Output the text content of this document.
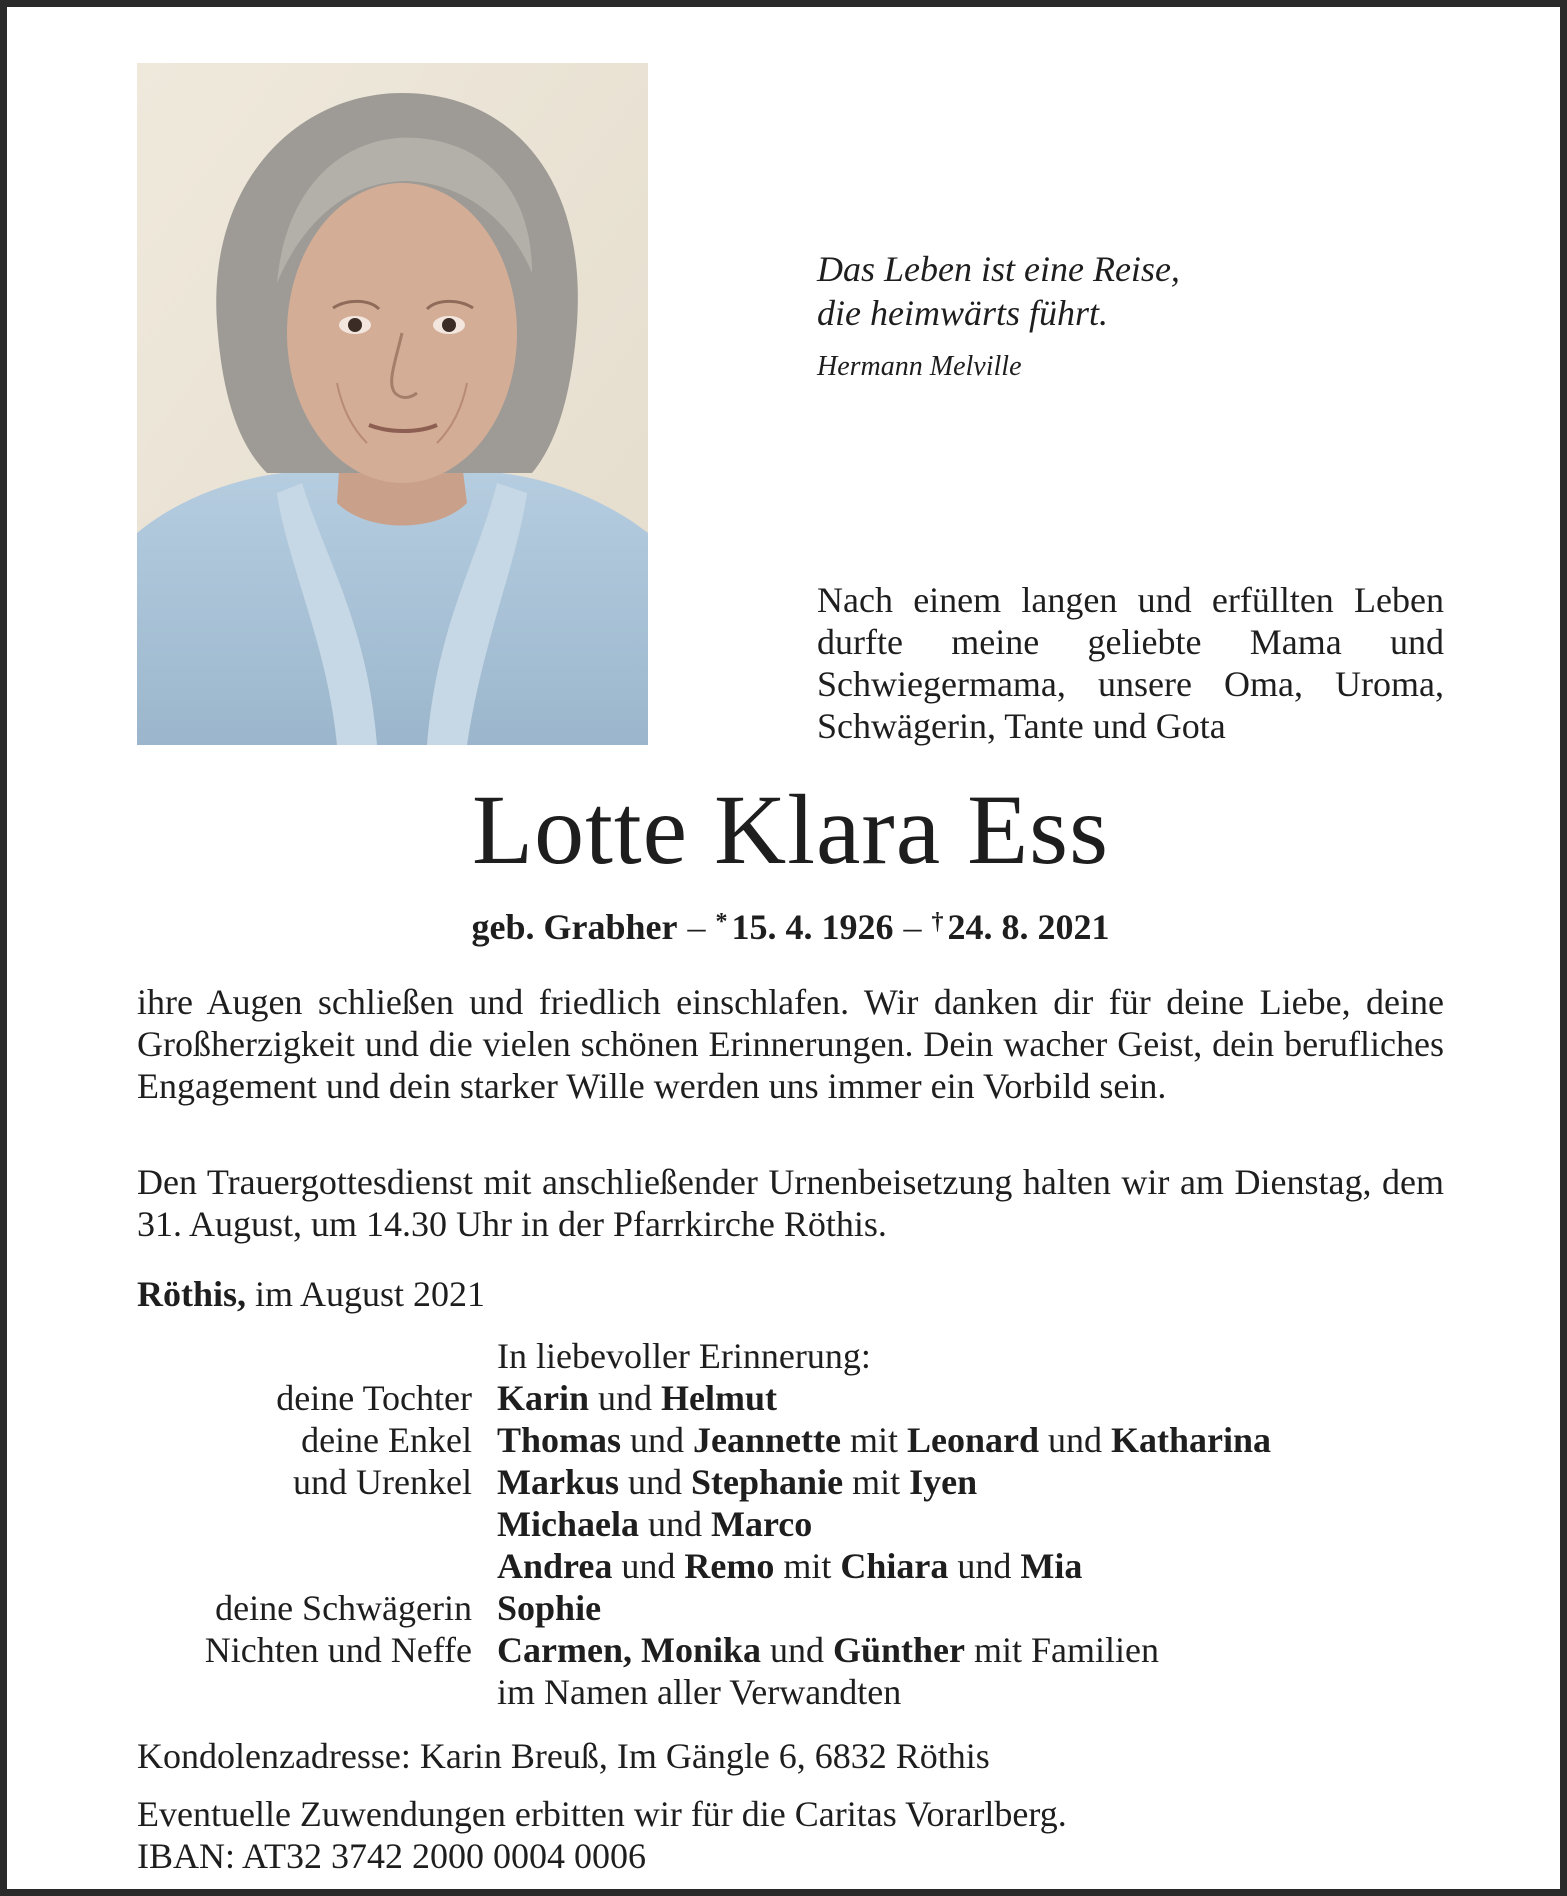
Das Leben ist eine Reise,
die heimwärts führt.
Hermann Melville
Nach einem langen und erfüllten Leben durfte meine geliebte Mama und Schwiegermama, unsere Oma, Uroma, Schwägerin, Tante und Gota
Lotte Klara Ess
geb. Grabher – * 15. 4. 1926 – † 24. 8. 2021
ihre Augen schließen und friedlich einschlafen. Wir danken dir für deine Liebe, deine Großherzigkeit und die vielen schönen Erinnerungen. Dein wacher Geist, dein berufliches Engagement und dein starker Wille werden uns immer ein Vorbild sein.
Den Trauergottesdienst mit anschließender Urnenbeisetzung halten wir am Dienstag, dem 31. August, um 14.30 Uhr in der Pfarrkirche Röthis.
Röthis, im August 2021
In liebevoller Erinnerung:
deine Tochter Karin und Helmut
deine Enkel Thomas und Jeannette mit Leonard und Katharina
und Urenkel Markus und Stephanie mit Iyen
Michaela und Marco
Andrea und Remo mit Chiara und Mia
deine Schwägerin Sophie
Nichten und Neffe Carmen, Monika und Günther mit Familien
im Namen aller Verwandten
Kondolenzadresse: Karin Breuß, Im Gängle 6, 6832 Röthis
Eventuelle Zuwendungen erbitten wir für die Caritas Vorarlberg.
IBAN: AT32 3742 2000 0004 0006
